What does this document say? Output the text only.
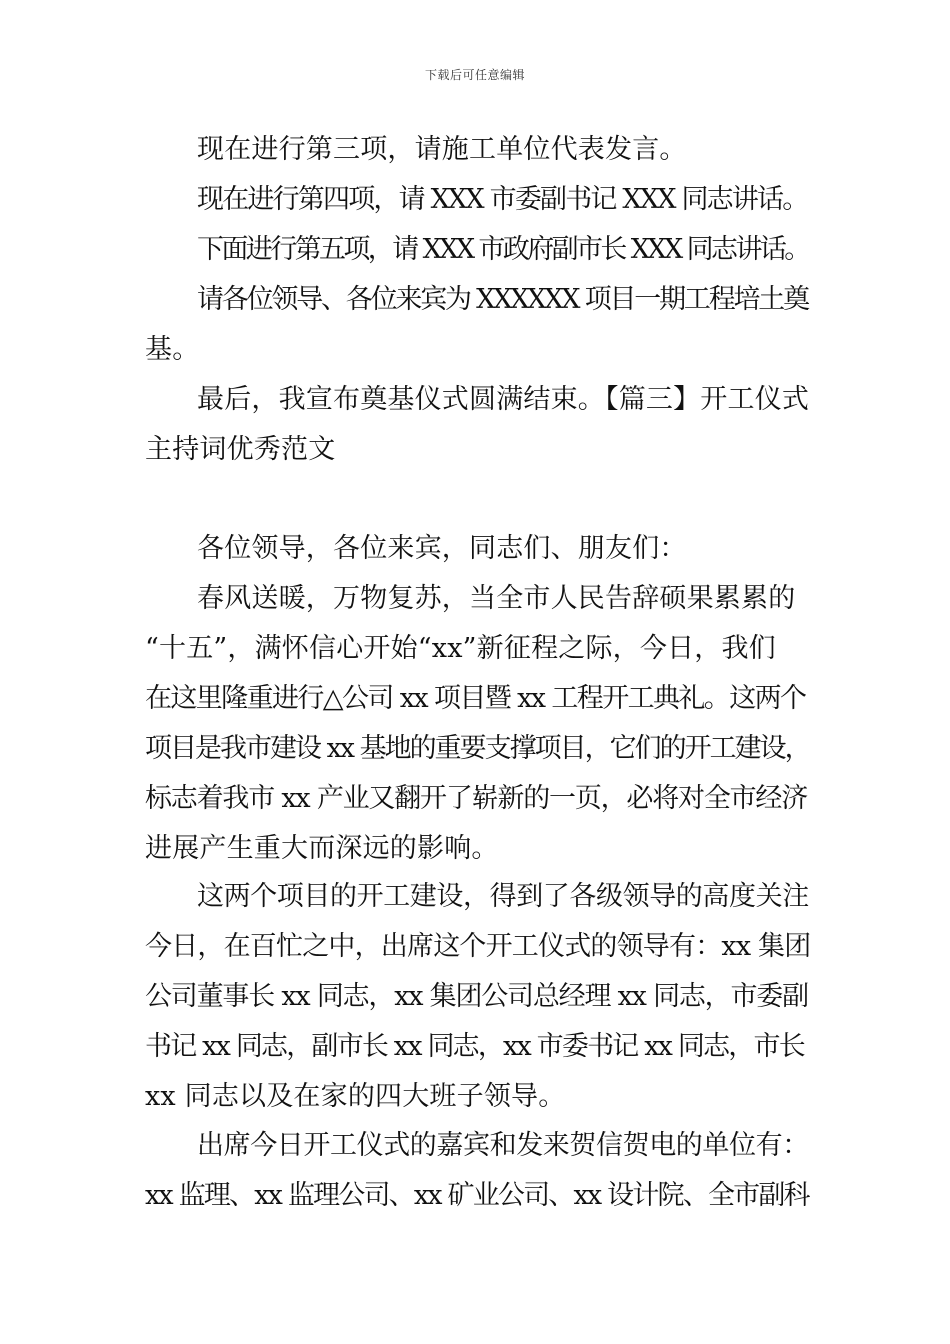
下载后可任意编辑
现在进行第三项，请施工单位代表发言。
现在进行第四项，请 XXX 市委副书记 XXX 同志讲话。
下面进行第五项，请 XXX 市政府副市长 XXX 同志讲话。
请各位领导、各位来宾为 XXXXXX 项目一期工程培土奠
基。
最后，我宣布奠基仪式圆满结束。【篇三】开工仪式
主持词优秀范文
各位领导，各位来宾，同志们、朋友们：
春风送暖，万物复苏，当全市人民告辞硕果累累的
“十五”，满怀信心开始“xx”新征程之际，今日，我们
在这里隆重进行△公司 xx 项目暨 xx 工程开工典礼。这两个
项目是我市建设 xx 基地的重要支撑项目，它们的开工建设，
标志着我市 xx 产业又翻开了崭新的一页，必将对全市经济
进展产生重大而深远的影响。
这两个项目的开工建设，得到了各级领导的高度关注
今日，在百忙之中，出席这个开工仪式的领导有：xx 集团
公司董事长 xx 同志，xx 集团公司总经理 xx 同志，市委副
书记 xx 同志，副市长 xx 同志，xx 市委书记 xx 同志，市长
xx 同志以及在家的四大班子领导。
出席今日开工仪式的嘉宾和发来贺信贺电的单位有：
xx 监理、xx 监理公司、xx 矿业公司、xx 设计院、全市副科
